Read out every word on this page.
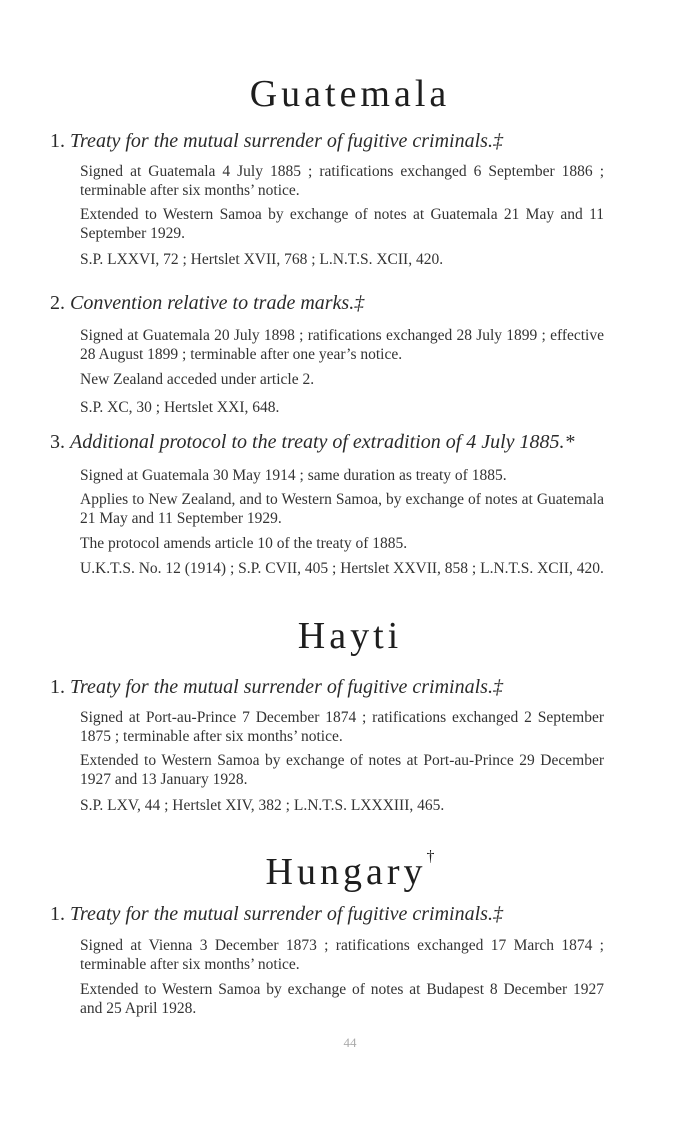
Guatemala
1. Treaty for the mutual surrender of fugitive criminals.‡
Signed at Guatemala 4 July 1885 ; ratifications exchanged 6 September 1886 ; terminable after six months’ notice.
Extended to Western Samoa by exchange of notes at Guatemala 21 May and 11 September 1929.
S.P. LXXVI, 72 ; Hertslet XVII, 768 ; L.N.T.S. XCII, 420.
2. Convention relative to trade marks.‡
Signed at Guatemala 20 July 1898 ; ratifications exchanged 28 July 1899 ; effective 28 August 1899 ; terminable after one year’s notice.
New Zealand acceded under article 2.
S.P. XC, 30 ; Hertslet XXI, 648.
3. Additional protocol to the treaty of extradition of 4 July 1885.*
Signed at Guatemala 30 May 1914 ; same duration as treaty of 1885.
Applies to New Zealand, and to Western Samoa, by exchange of notes at Guatemala 21 May and 11 September 1929.
The protocol amends article 10 of the treaty of 1885.
U.K.T.S. No. 12 (1914) ; S.P. CVII, 405 ; Hertslet XXVII, 858 ; L.N.T.S. XCII, 420.
Hayti
1. Treaty for the mutual surrender of fugitive criminals.‡
Signed at Port-au-Prince 7 December 1874 ; ratifications exchanged 2 September 1875 ; terminable after six months’ notice.
Extended to Western Samoa by exchange of notes at Port-au-Prince 29 December 1927 and 13 January 1928.
S.P. LXV, 44 ; Hertslet XIV, 382 ; L.N.T.S. LXXXIII, 465.
Hungary†
1. Treaty for the mutual surrender of fugitive criminals.‡
Signed at Vienna 3 December 1873 ; ratifications exchanged 17 March 1874 ; terminable after six months’ notice.
Extended to Western Samoa by exchange of notes at Budapest 8 December 1927 and 25 April 1928.
44
